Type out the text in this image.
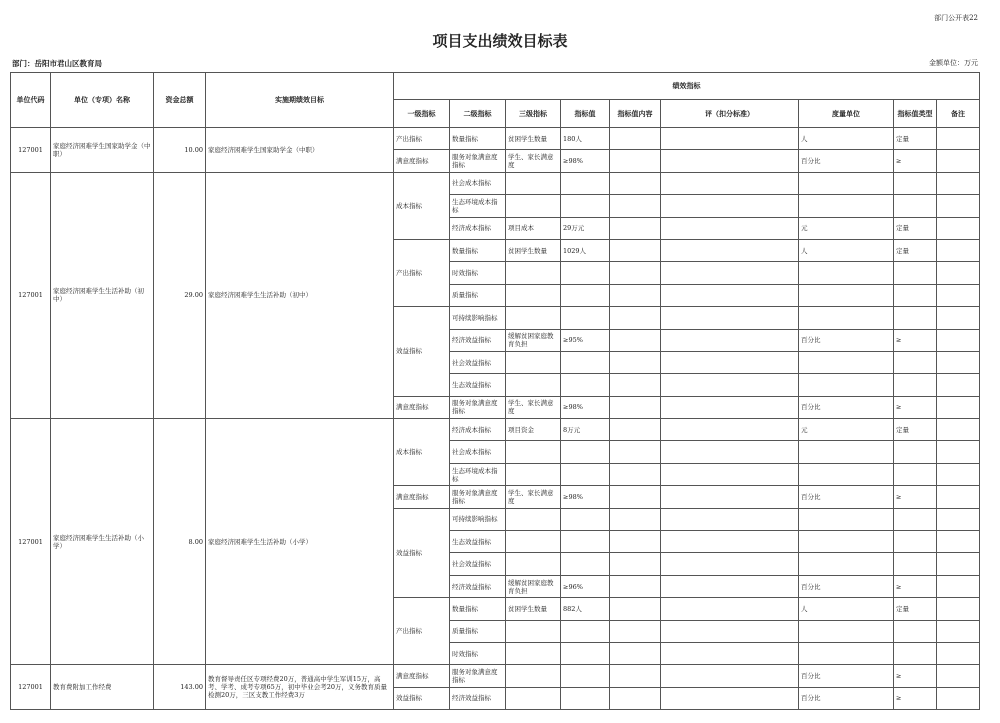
部门公开表22
项目支出绩效目标表
部门：岳阳市君山区教育局	金额单位：万元
单位代码	单位（专项）名称	资金总额	实施期绩效目标	绩效指标								
				一级指标	二级指标	三级指标	指标值	指标值内容	评（扣分标准）	度量单位	指标值类型	备注
127001	家庭经济困难学生国家助学金（中职）	10.00	家庭经济困难学生国家助学金（中职）	产出指标	数量指标	贫困学生数量	180人			人	定量	
				满意度指标	服务对象满意度指标	学生、家长满意度	≥98%			百分比	≥	
127001	家庭经济困难学生生活补助（初中）	29.00	家庭经济困难学生生活补助（初中）	成本指标	社会成本指标							
					生态环境成本指标							
					经济成本指标	项目成本	29万元			元	定量	
				产出指标	数量指标	贫困学生数量	1029人			人	定量	
					时效指标							
					质量指标							
				效益指标	可持续影响指标							
					经济效益指标	缓解贫困家庭教育负担	≥95%			百分比	≥	
					社会效益指标							
					生态效益指标							
				满意度指标	服务对象满意度指标	学生、家长满意度	≥98%			百分比	≥	
127001	家庭经济困难学生生活补助（小学）	8.00	家庭经济困难学生生活补助（小学）	成本指标	经济成本指标	项目资金	8万元			元	定量	
					社会成本指标							
					生态环境成本指标							
				满意度指标	服务对象满意度指标	学生、家长满意度	≥98%			百分比	≥	
				效益指标	可持续影响指标							
					生态效益指标							
					社会效益指标							
					经济效益指标	缓解贫困家庭教育负担	≥96%			百分比	≥	
				产出指标	数量指标	贫困学生数量	882人			人	定量	
					质量指标							
					时效指标							
127001	教育费附加工作经费	143.00	教育督导责任区专项经费20万，普通高中学生军训15万，高考、学考、成考专项65万，初中毕业会考20万，义务教育质量检测20万，三区支教工作经费3万	满意度指标	服务对象满意度指标					百分比	≥	
				效益指标	经济效益指标					百分比	≥	
